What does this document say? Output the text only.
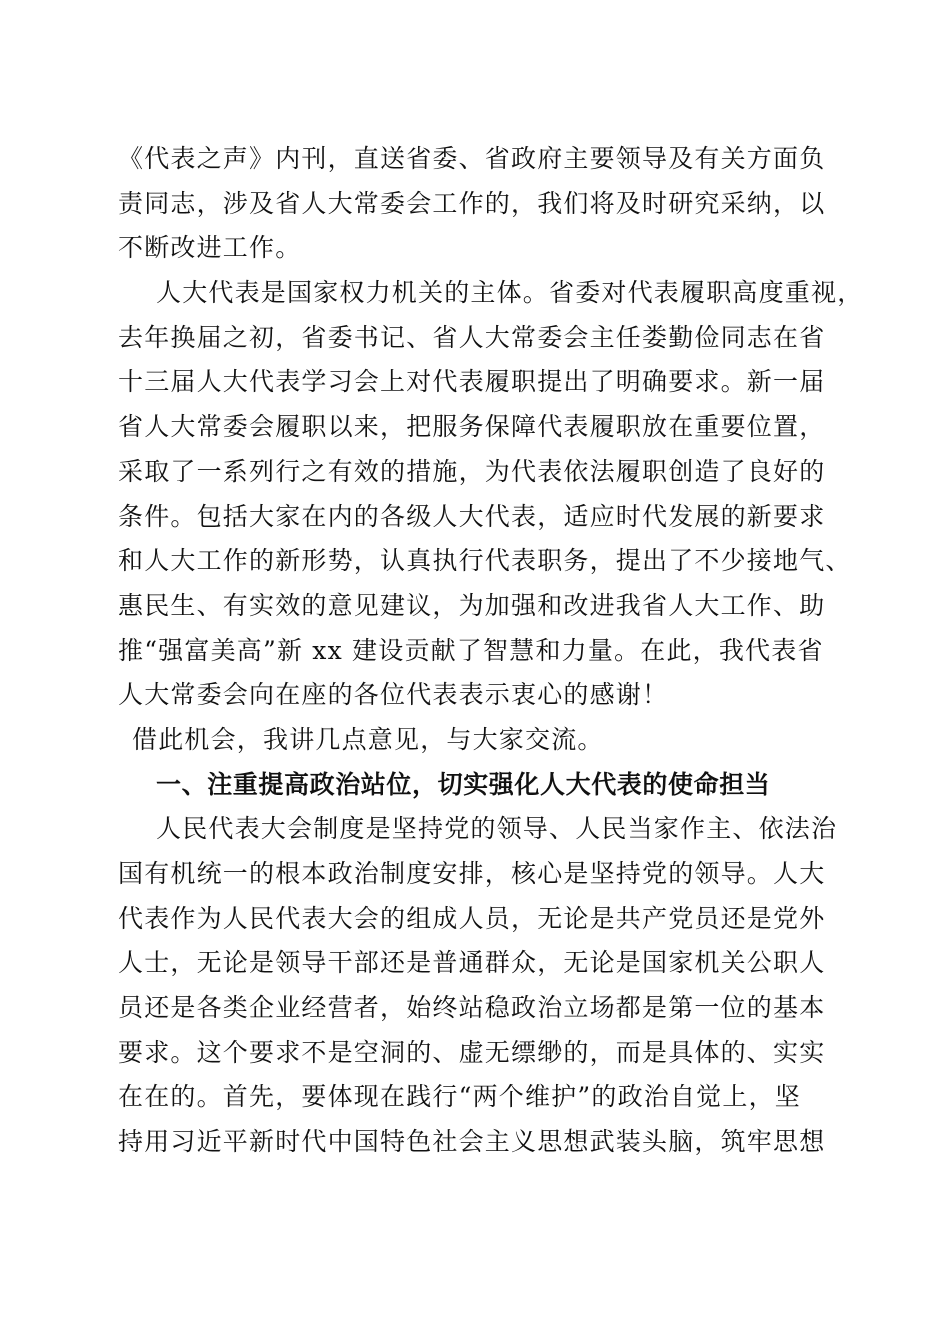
《代表之声》内刊，直送省委、省政府主要领导及有关方面负
责同志，涉及省人大常委会工作的，我们将及时研究采纳，以
不断改进工作。
人大代表是国家权力机关的主体。省委对代表履职高度重视，
去年换届之初，省委书记、省人大常委会主任娄勤俭同志在省
十三届人大代表学习会上对代表履职提出了明确要求。新一届
省人大常委会履职以来，把服务保障代表履职放在重要位置，
采取了一系列行之有效的措施，为代表依法履职创造了良好的
条件。包括大家在内的各级人大代表，适应时代发展的新要求
和人大工作的新形势，认真执行代表职务，提出了不少接地气、
惠民生、有实效的意见建议，为加强和改进我省人大工作、助
推“强富美高”新 xx 建设贡献了智慧和力量。在此，我代表省
人大常委会向在座的各位代表表示衷心的感谢！
借此机会，我讲几点意见，与大家交流。
一、注重提高政治站位，切实强化人大代表的使命担当
人民代表大会制度是坚持党的领导、人民当家作主、依法治
国有机统一的根本政治制度安排，核心是坚持党的领导。人大
代表作为人民代表大会的组成人员，无论是共产党员还是党外
人士，无论是领导干部还是普通群众，无论是国家机关公职人
员还是各类企业经营者，始终站稳政治立场都是第一位的基本
要求。这个要求不是空洞的、虚无缥缈的，而是具体的、实实
在在的。首先，要体现在践行“两个维护”的政治自觉上，坚
持用习近平新时代中国特色社会主义思想武装头脑，筑牢思想
